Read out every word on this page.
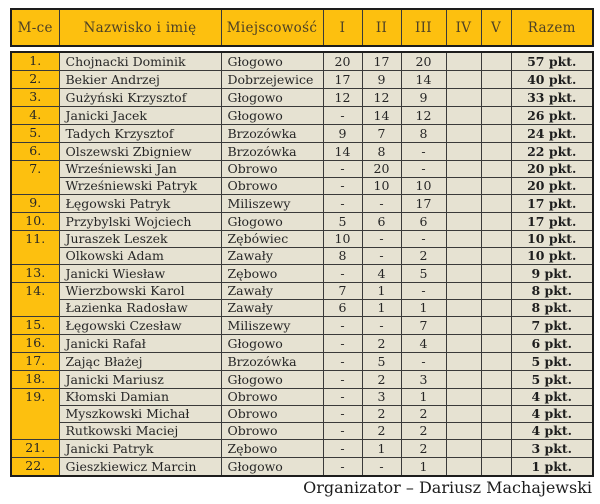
M-ce	Nazwisko i imię	Miejscowość	I	II	III	IV	V	Razem
1.	Chojnacki Dominik	Głogowo	20	17	20			57 pkt.
2.	Bekier Andrzej	Dobrzejewice	17	9	14			40 pkt.
3.	Gużyński Krzysztof	Głogowo	12	12	9			33 pkt.
4.	Janicki Jacek	Głogowo	-	14	12			26 pkt.
5.	Tadych Krzysztof	Brzozówka	9	7	8			24 pkt.
6.	Olszewski Zbigniew	Brzozówka	14	8	-			22 pkt.
7.	Wrześniewski Jan	Obrowo	-	20	-			20 pkt.
	Wrześniewski Patryk	Obrowo	-	10	10			20 pkt.
9.	Łęgowski Patryk	Miliszewy	-	-	17			17 pkt.
10.	Przybylski Wojciech	Głogowo	5	6	6			17 pkt.
11.	Juraszek Leszek	Zębówiec	10	-	-			10 pkt.
	Olkowski Adam	Zawały	8	-	2			10 pkt.
13.	Janicki Wiesław	Zębowo	-	4	5			9 pkt.
14.	Wierzbowski Karol	Zawały	7	1	-			8 pkt.
	Łazienka Radosław	Zawały	6	1	1			8 pkt.
15.	Łęgowski Czesław	Miliszewy	-	-	7			7 pkt.
16.	Janicki Rafał	Głogowo	-	2	4			6 pkt.
17.	Zając Błażej	Brzozówka	-	5	-			5 pkt.
18.	Janicki Mariusz	Głogowo	-	2	3			5 pkt.
19.	Kłomski Damian	Obrowo	-	3	1			4 pkt.
	Myszkowski Michał	Obrowo	-	2	2			4 pkt.
	Rutkowski Maciej	Obrowo	-	2	2			4 pkt.
21.	Janicki Patryk	Zębowo	-	1	2			3 pkt.
22.	Gieszkiewicz Marcin	Głogowo	-	-	1			1 pkt.
Organizator – Dariusz Machajewski
